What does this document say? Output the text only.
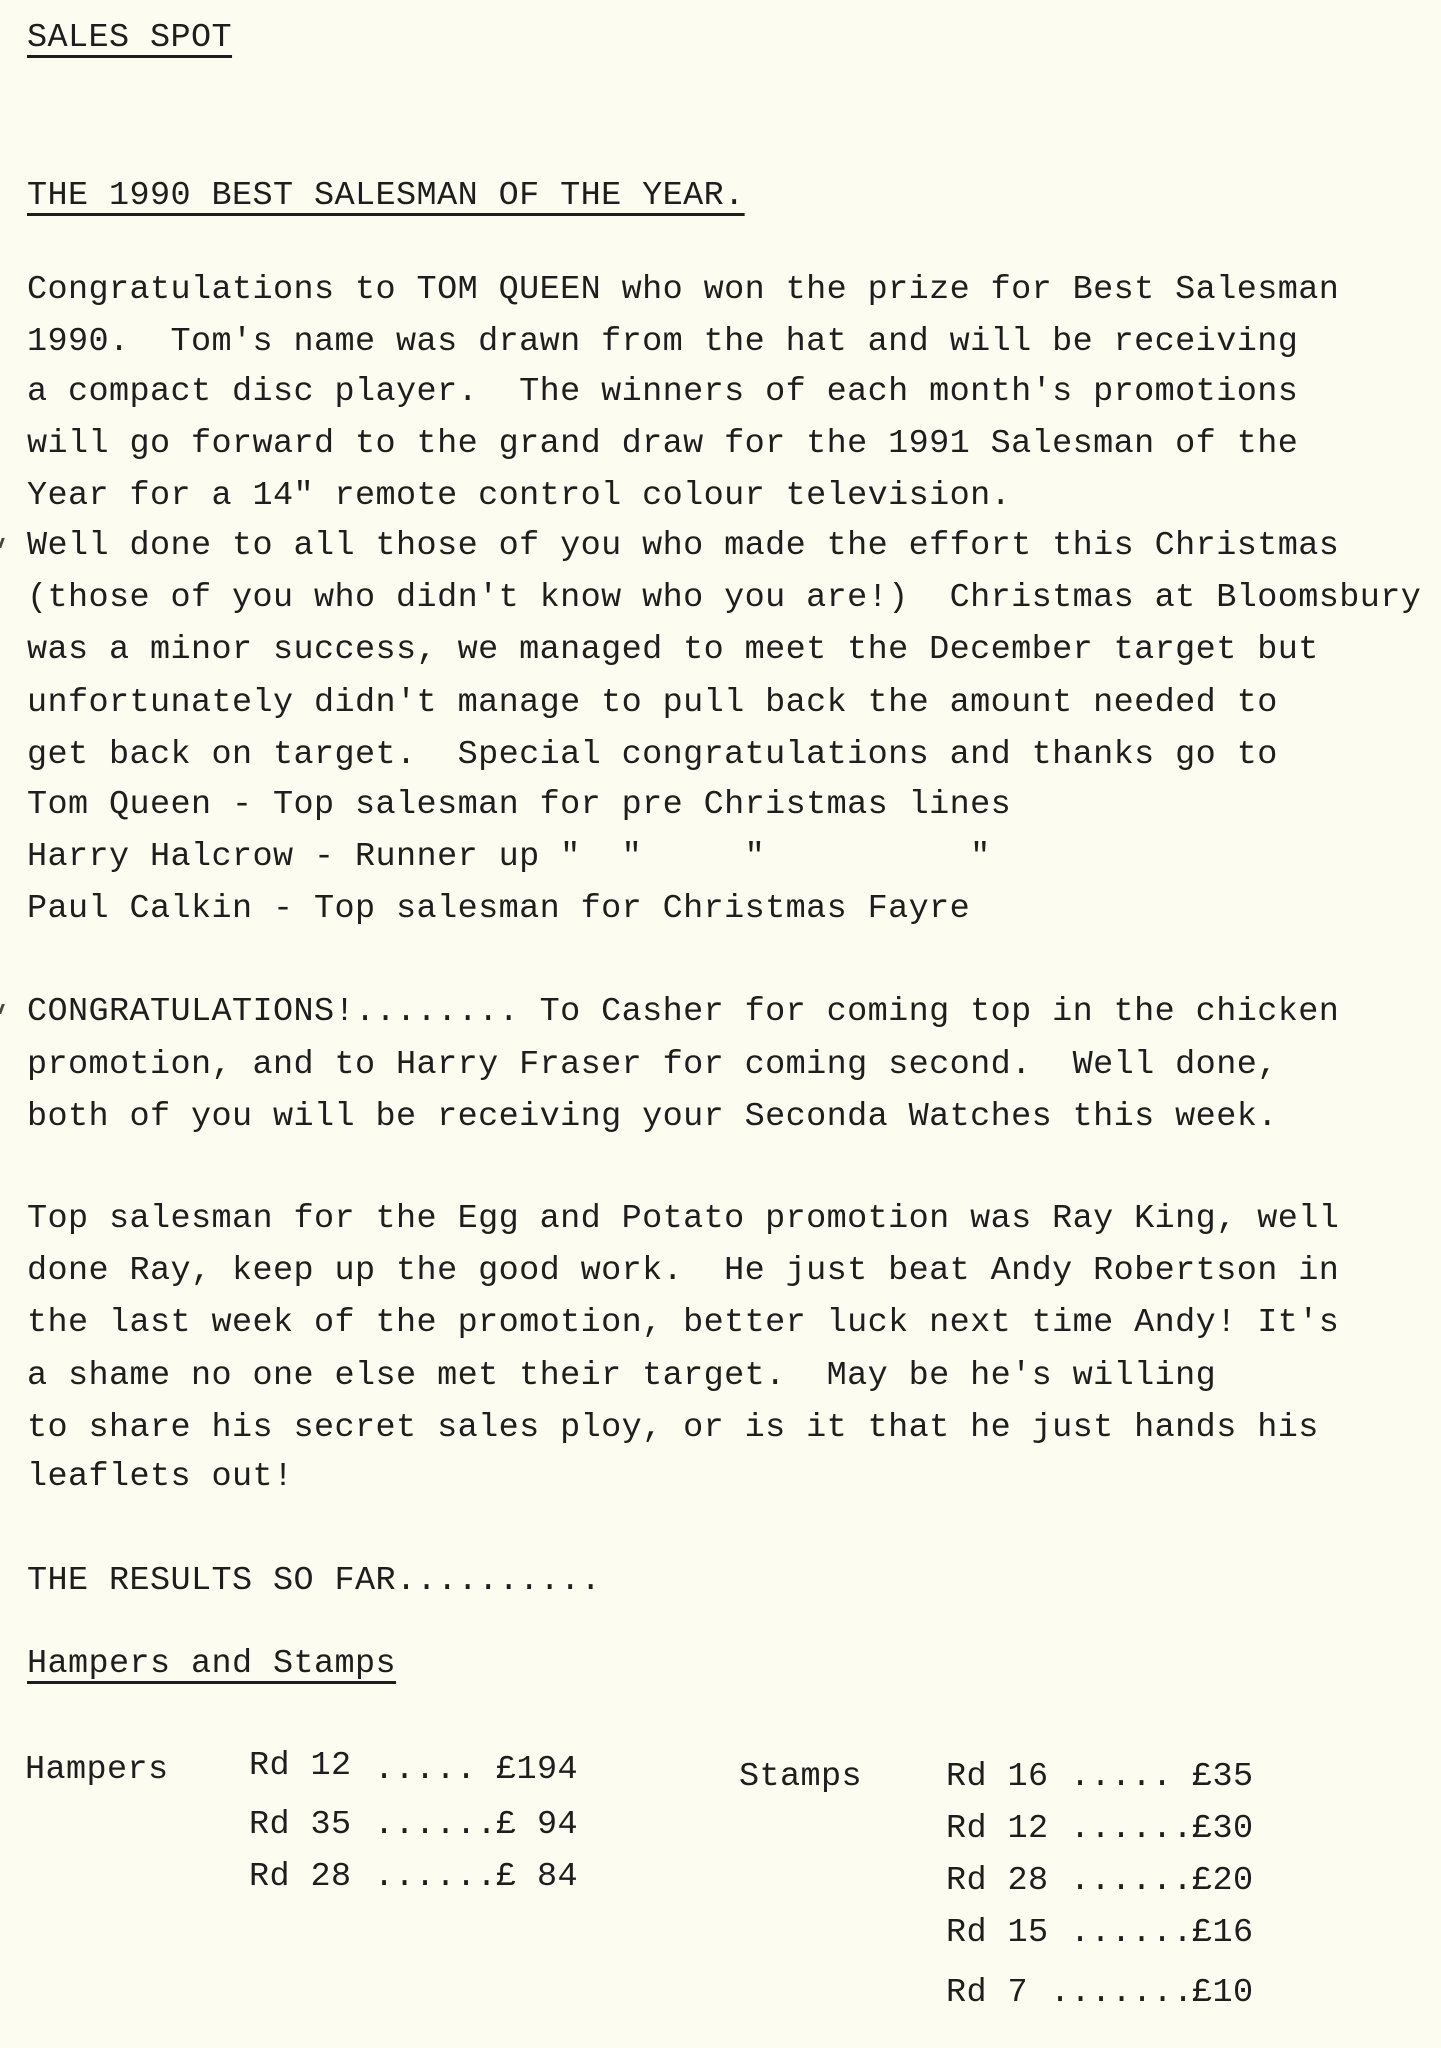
SALES SPOT
THE 1990 BEST SALESMAN OF THE YEAR.
Congratulations to TOM QUEEN who won the prize for Best Salesman
1990.  Tom's name was drawn from the hat and will be receiving
a compact disc player.  The winners of each month's promotions
will go forward to the grand draw for the 1991 Salesman of the
Year for a 14" remote control colour television.
Well done to all those of you who made the effort this Christmas
(those of you who didn't know who you are!)  Christmas at Bloomsbury
was a minor success, we managed to meet the December target but
unfortunately didn't manage to pull back the amount needed to
get back on target.  Special congratulations and thanks go to
Tom Queen - Top salesman for pre Christmas lines
Harry Halcrow - Runner up "  "     "          "
Paul Calkin - Top salesman for Christmas Fayre
CONGRATULATIONS!........ To Casher for coming top in the chicken
promotion, and to Harry Fraser for coming second.  Well done,
both of you will be receiving your Seconda Watches this week.
Top salesman for the Egg and Potato promotion was Ray King, well
done Ray, keep up the good work.  He just beat Andy Robertson in
the last week of the promotion, better luck next time Andy! It's
a shame no one else met their target.  May be he's willing
to share his secret sales ploy, or is it that he just hands his
leaflets out!
THE RESULTS SO FAR..........
Hampers and Stamps
Hampers Rd 12 ..... £194
Rd 35 ......
£ 94
Rd 28 ......
£ 84
Stamps	Rd 16 ..... £35
Rd 12 ......
£30
Rd 28 ......
£20
Rd 15 ......
£16
Rd 7 .......
£10
